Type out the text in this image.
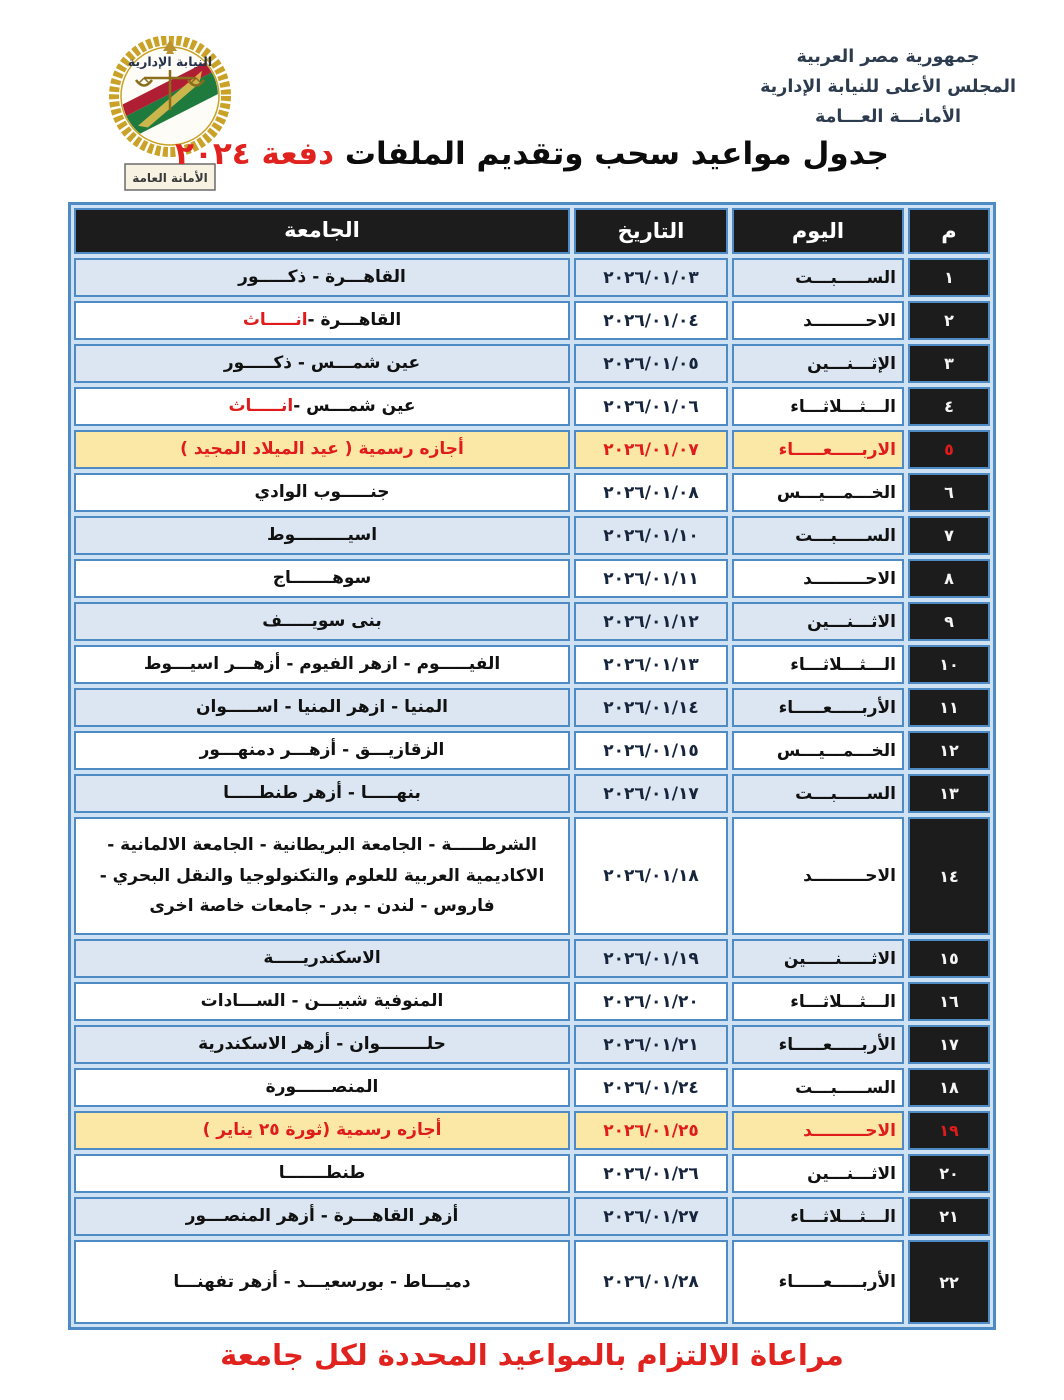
النيابة الإدارية
الأمانة العامة
جمهورية مصر العربية
المجلس الأعلى للنيابة الإدارية
الأمانـــة العـــامة
جدول مواعيد سحب وتقديم الملفات دفعة ٢٠٢٤
م
اليوم
التاريخ
الجامعة
١
الســـــبـــت
٢٠٢٦/٠١/٠٣
القاهـــرة - ذكـــــور
٢
الاحـــــــــد
٢٠٢٦/٠١/٠٤
القاهـــرة -
انـــــاث
٣
الإثـــنـــين
٢٠٢٦/٠١/٠٥
عين شمـــس - ذكـــــور
٤
الـــثـــلاثـــاء
٢٠٢٦/٠١/٠٦
عين شمـــس -
انـــــاث
٥
الاربـــــعـــــاء
٢٠٢٦/٠١/٠٧
أجازه رسمية ( عيد الميلاد المجيد )
٦
الخـــمـــيـــس
٢٠٢٦/٠١/٠٨
جنـــــوب الوادي
٧
الســـــبـــت
٢٠٢٦/٠١/١٠
اسيـــــــــوط
٨
الاحـــــــــد
٢٠٢٦/٠١/١١
سوهـــــــاج
٩
الاثـــنـــين
٢٠٢٦/٠١/١٢
بنى سويـــــف
١٠
الـــثـــلاثـــاء
٢٠٢٦/٠١/١٣
الفيـــــوم - ازهر الفيوم - أزهـــر اسيـــوط
١١
الأربـــــعـــــاء
٢٠٢٦/٠١/١٤
المنيا - ازهر المنيا - اســـــوان
١٢
الخـــمـــيـــس
٢٠٢٦/٠١/١٥
الزقازيـــق - أزهـــر دمنهـــور
١٣
الســـــبـــت
٢٠٢٦/٠١/١٧
بنهـــــا - أزهر طنطـــــا
١٤
الاحـــــــــد
٢٠٢٦/٠١/١٨
الشرطـــــة - الجامعة البريطانية - الجامعة الالمانية - الاكاديمية العربية للعلوم والتكنولوجيا والنقل البحري - فاروس - لندن - بدر - جامعات خاصة اخرى
١٥
الاثـــــنـــــين
٢٠٢٦/٠١/١٩
الاسكندريـــــة
١٦
الـــثـــلاثـــاء
٢٠٢٦/٠١/٢٠
المنوفية شبيـــن - الســـادات
١٧
الأربـــــعـــــاء
٢٠٢٦/٠١/٢١
حلــــــــوان - أزهر الاسكندرية
١٨
الســـــبـــت
٢٠٢٦/٠١/٢٤
المنصــــــورة
١٩
الاحـــــــــد
٢٠٢٦/٠١/٢٥
أجازه رسمية (ثورة ٢٥ يناير )
٢٠
الاثـــنـــين
٢٠٢٦/٠١/٢٦
طنطـــــــا
٢١
الـــثـــلاثـــاء
٢٠٢٦/٠١/٢٧
أزهر القاهـــرة - أزهر المنصـــور
٢٢
الأربـــــعـــــاء
٢٠٢٦/٠١/٢٨
دميـــاط - بورسعيـــد - أزهر تفهنـــا
مراعاة الالتزام بالمواعيد المحددة لكل جامعة
